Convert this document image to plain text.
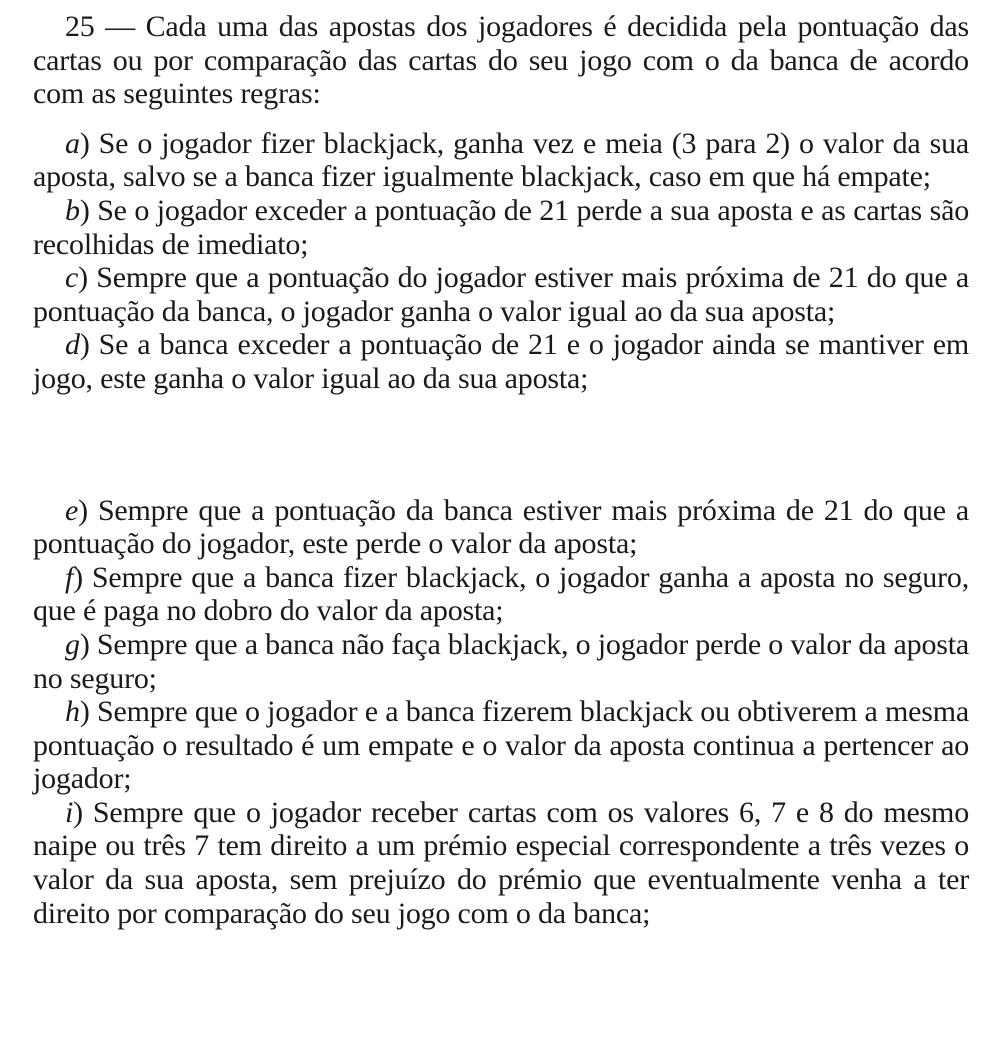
25 — Cada uma das apostas dos jogadores é decidida pela pontuação das cartas ou por comparação das cartas do seu jogo com o da banca de acordo com as seguintes regras:

a) Se o jogador fizer blackjack, ganha vez e meia (3 para 2) o valor da sua aposta, salvo se a banca fizer igualmente blackjack, caso em que há empate;

b) Se o jogador exceder a pontuação de 21 perde a sua aposta e as cartas são recolhidas de imediato;

c) Sempre que a pontuação do jogador estiver mais próxima de 21 do que a pontuação da banca, o jogador ganha o valor igual ao da sua aposta;

d) Se a banca exceder a pontuação de 21 e o jogador ainda se mantiver em jogo, este ganha o valor igual ao da sua aposta;

e) Sempre que a pontuação da banca estiver mais próxima de 21 do que a pontuação do jogador, este perde o valor da aposta;

f) Sempre que a banca fizer blackjack, o jogador ganha a aposta no seguro, que é paga no dobro do valor da aposta;

g) Sempre que a banca não faça blackjack, o jogador perde o valor da aposta no seguro;

h) Sempre que o jogador e a banca fizerem blackjack ou obtiverem a mesma pontuação o resultado é um empate e o valor da aposta continua a pertencer ao jogador;

i) Sempre que o jogador receber cartas com os valores 6, 7 e 8 do mesmo naipe ou três 7 tem direito a um prémio especial correspondente a três vezes o valor da sua aposta, sem prejuízo do prémio que eventualmente venha a ter direito por comparação do seu jogo com o da banca;
